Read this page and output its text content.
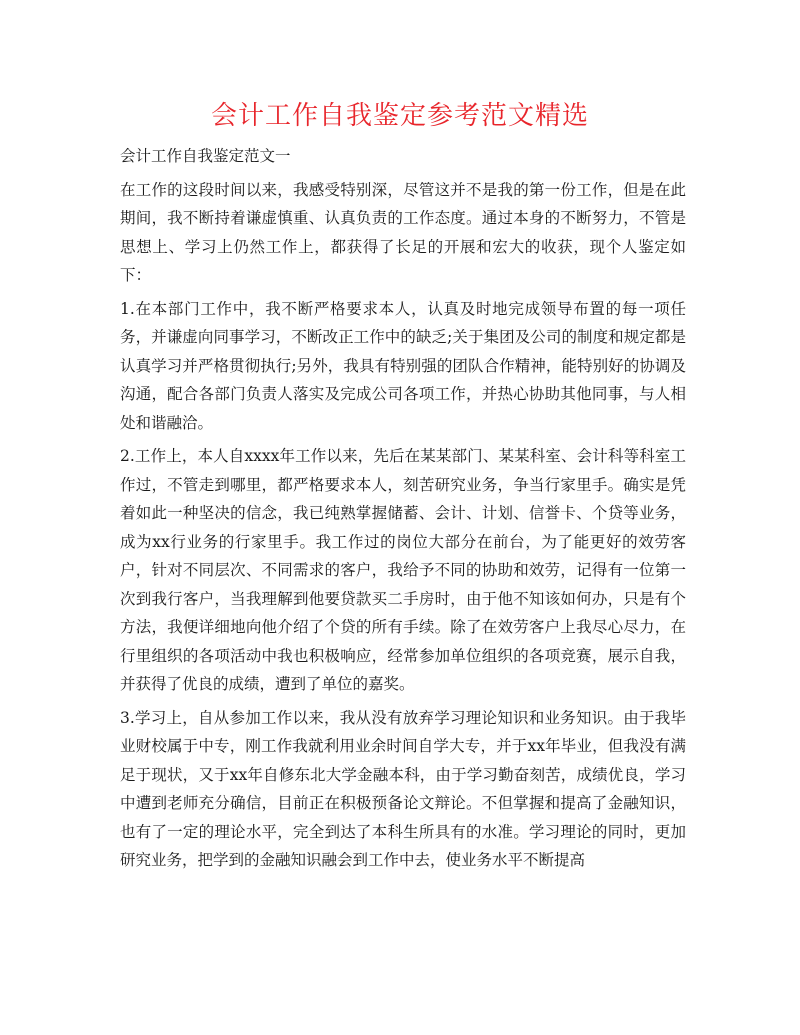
会计工作自我鉴定参考范文精选
会计工作自我鉴定范文一
在工作的这段时间以来，我感受特别深，尽管这并不是我的第一份工作，但是在此期间，我不断持着谦虚慎重、认真负责的工作态度。通过本身的不断努力，不管是思想上、学习上仍然工作上，都获得了长足的开展和宏大的收获，现个人鉴定如下：
1.在本部门工作中，我不断严格要求本人，认真及时地完成领导布置的每一项任务，并谦虚向同事学习，不断改正工作中的缺乏;关于集团及公司的制度和规定都是认真学习并严格贯彻执行;另外，我具有特别强的团队合作精神，能特别好的协调及沟通，配合各部门负责人落实及完成公司各项工作，并热心协助其他同事，与人相处和谐融洽。
2.工作上，本人自xxxx年工作以来，先后在某某部门、某某科室、会计科等科室工作过，不管走到哪里，都严格要求本人，刻苦研究业务，争当行家里手。确实是凭着如此一种坚决的信念，我已纯熟掌握储蓄、会计、计划、信誉卡、个贷等业务，成为xx行业务的行家里手。我工作过的岗位大部分在前台，为了能更好的效劳客户，针对不同层次、不同需求的客户，我给予不同的协助和效劳，记得有一位第一次到我行客户，当我理解到他要贷款买二手房时，由于他不知该如何办，只是有个方法，我便详细地向他介绍了个贷的所有手续。除了在效劳客户上我尽心尽力，在行里组织的各项活动中我也积极响应，经常参加单位组织的各项竞赛，展示自我，并获得了优良的成绩，遭到了单位的嘉奖。
3.学习上，自从参加工作以来，我从没有放弃学习理论知识和业务知识。由于我毕业财校属于中专，刚工作我就利用业余时间自学大专，并于xx年毕业，但我没有满足于现状，又于xx年自修东北大学金融本科，由于学习勤奋刻苦，成绩优良，学习中遭到老师充分确信，目前正在积极预备论文辩论。不但掌握和提高了金融知识，也有了一定的理论水平，完全到达了本科生所具有的水准。学习理论的同时，更加研究业务，把学到的金融知识融会到工作中去，使业务水平不断提高
